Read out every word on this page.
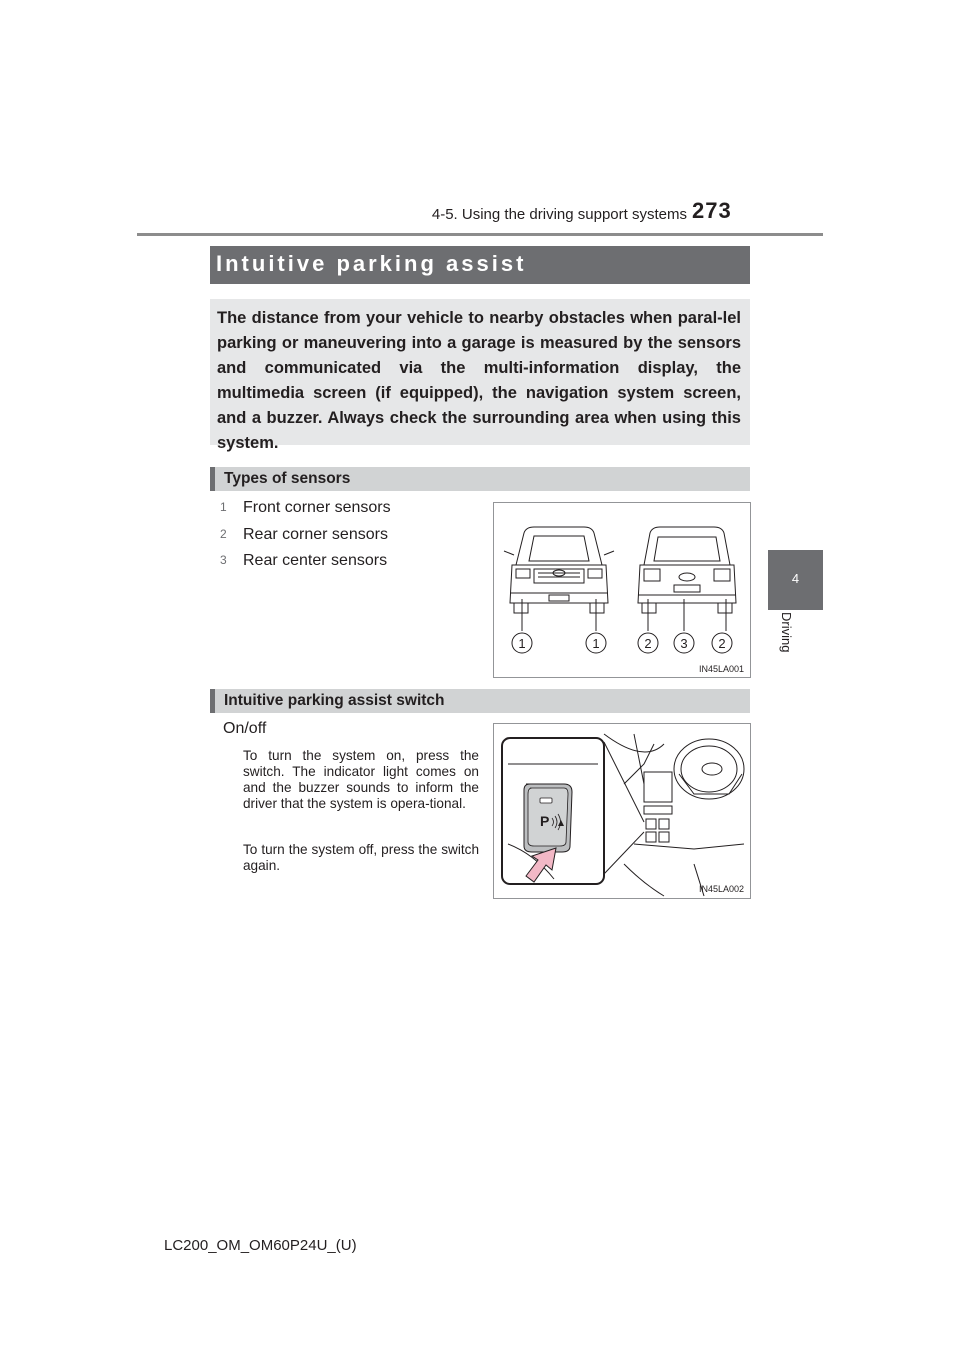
4-5. Using the driving support systems 273
4
Driving
Intuitive parking assist
The distance from your vehicle to nearby obstacles when paral-lel parking or maneuvering into a garage is measured by the sensors and communicated via the multi-information display, the multimedia screen (if equipped), the navigation system screen, and a buzzer. Always check the surrounding area when using this system.
Types of sensors
1	Front corner sensors
2	Rear corner sensors
3	Rear center sensors
1	1	2 3 2
IN45LA001
Intuitive parking assist switch
On/off
To turn the system on, press the switch. The indicator light comes on and the buzzer sounds to inform the driver that the system is opera-tional.
To turn the system off, press the switch again.
P
IN45LA002
LC200_OM_OM60P24U_(U)
